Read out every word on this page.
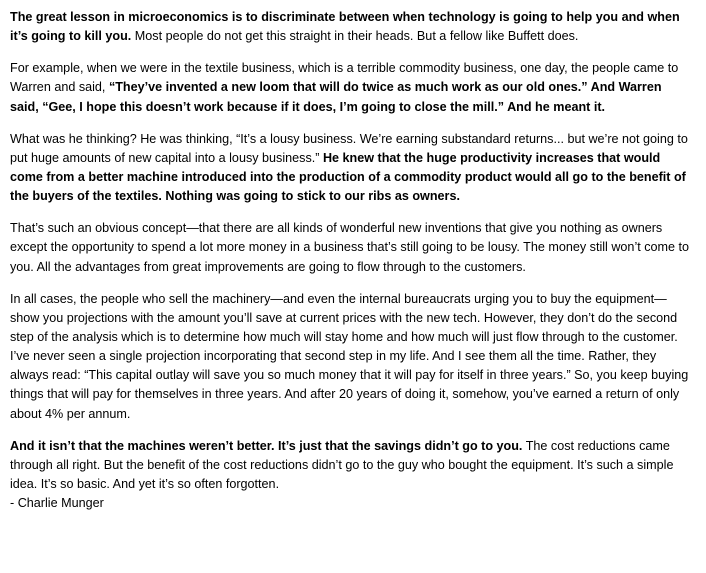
The great lesson in microeconomics is to discriminate between when technology is going to help you and when it’s going to kill you. Most people do not get this straight in their heads. But a fellow like Buffett does.

For example, when we were in the textile business, which is a terrible commodity business, one day, the people came to Warren and said, “They’ve invented a new loom that will do twice as much work as our old ones.” And Warren said, “Gee, I hope this doesn’t work because if it does, I’m going to close the mill.” And he meant it.

What was he thinking? He was thinking, “It’s a lousy business. We’re earning substandard returns... but we’re not going to put huge amounts of new capital into a lousy business.” He knew that the huge productivity increases that would come from a better machine introduced into the production of a commodity product would all go to the benefit of the buyers of the textiles. Nothing was going to stick to our ribs as owners.

That’s such an obvious concept—that there are all kinds of wonderful new inventions that give you nothing as owners except the opportunity to spend a lot more money in a business that’s still going to be lousy. The money still won’t come to you. All the advantages from great improvements are going to flow through to the customers.

In all cases, the people who sell the machinery—and even the internal bureaucrats urging you to buy the equipment—show you projections with the amount you’ll save at current prices with the new tech. However, they don’t do the second step of the analysis which is to determine how much will stay home and how much will just flow through to the customer. I’ve never seen a single projection incorporating that second step in my life. And I see them all the time. Rather, they always read: “This capital outlay will save you so much money that it will pay for itself in three years.” So, you keep buying things that will pay for themselves in three years. And after 20 years of doing it, somehow, you’ve earned a return of only about 4% per annum.

And it isn’t that the machines weren’t better. It’s just that the savings didn’t go to you. The cost reductions came through all right. But the benefit of the cost reductions didn’t go to the guy who bought the equipment. It’s such a simple idea. It’s so basic. And yet it’s so often forgotten.

- Charlie Munger
